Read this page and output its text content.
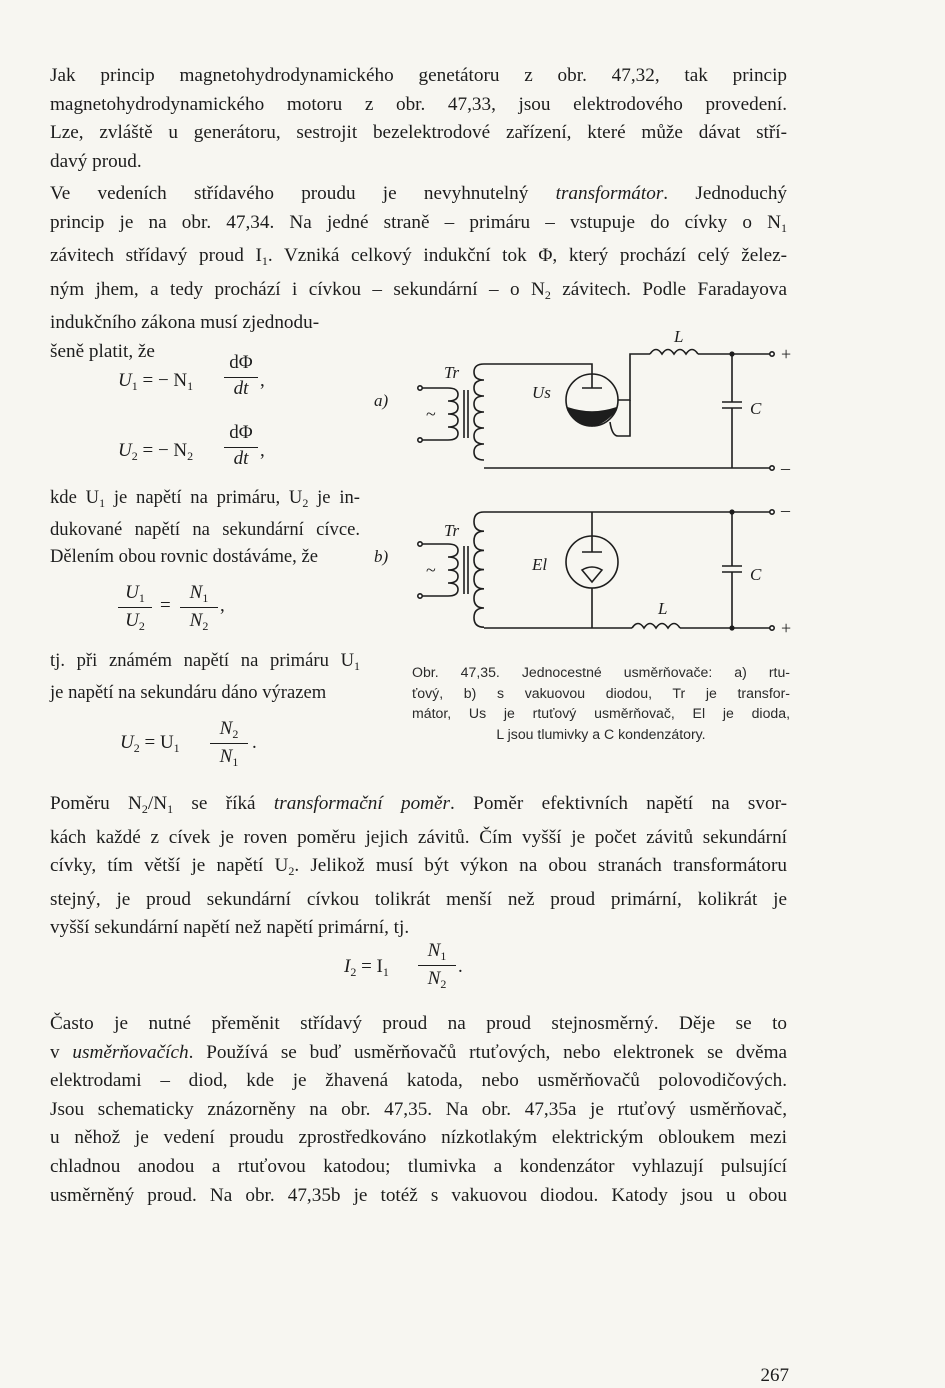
Jak princip magnetohydrodynamického genetátoru z obr. 47,32, tak princip
magnetohydrodynamického motoru z obr. 47,33, jsou elektrodového provedení.
Lze, zvláště u generátoru, sestrojit bezelektrodové zařízení, které může dávat stří-
davý proud.
Ve vedeních střídavého proudu je nevyhnutelný transformátor. Jednoduchý
princip je na obr. 47,34. Na jedné straně – primáru – vstupuje do cívky o $N_1$
závitech střídavý proud $I_1$. Vzniká celkový indukční tok Φ, který prochází celý želez-
ným jhem, a tedy prochází i cívkou – sekundární – o $N_2$ závitech. Podle Faradayova
indukčního zákona musí zjednodu-
šeně platit, že
$U_1$ = − $N_1$
dΦ
dt ,
$U_2$ = − $N_2$
dΦ
dt ,
kde $U_1$ je napětí na primáru, $U_2$ je in-
dukované napětí na sekundární cívce.
Dělením obou rovnic dostáváme, že
$U_1$
$U_2$
=
$N_1$
$N_2$
,
tj. při známém napětí na primáru $U_1$
je napětí na sekundáru dáno výrazem
$U_2 = U_1$
$N_2$
$N_1$
.
a)
b)
Tr
Tr
Us
El
L
L
C
C
+
–
–
+
~
~
Obr. 47,35. Jednocestné usměrňovače: a) rtu-
ťový, b) s vakuovou diodou, Tr je transfor-
mátor, Us je rtuťový usměrňovač, El je dioda,
L jsou tlumivky a C kondenzátory.
Poměru $N_2/N_1$ se říká transformační poměr. Poměr efektivních napětí na svor-
kách každé z cívek je roven poměru jejich závitů. Čím vyšší je počet závitů sekundární
cívky, tím větší je napětí $U_2$. Jelikož musí být výkon na obou stranách transformátoru
stejný, je proud sekundární cívkou tolikrát menší než proud primární, kolikrát je
vyšší sekundární napětí než napětí primární, tj.
$I_2 = I_1$
$N_1$
$N_2$
.
Často je nutné přeměnit střídavý proud na proud stejnosměrný. Děje se to
v usměrňovačích. Používá se buď usměrňovačů rtuťových, nebo elektronek se dvěma
elektrodami – diod, kde je žhavená katoda, nebo usměrňovačů polovodičových.
Jsou schematicky znázorněny na obr. 47,35. Na obr. 47,35a je rtuťový usměrňovač,
u něhož je vedení proudu zprostředkováno nízkotlakým elektrickým obloukem mezi
chladnou anodou a rtuťovou katodou; tlumivka a kondenzátor vyhlazují pulsující
usměrněný proud. Na obr. 47,35b je totéž s vakuovou diodou. Katody jsou u obou
267
